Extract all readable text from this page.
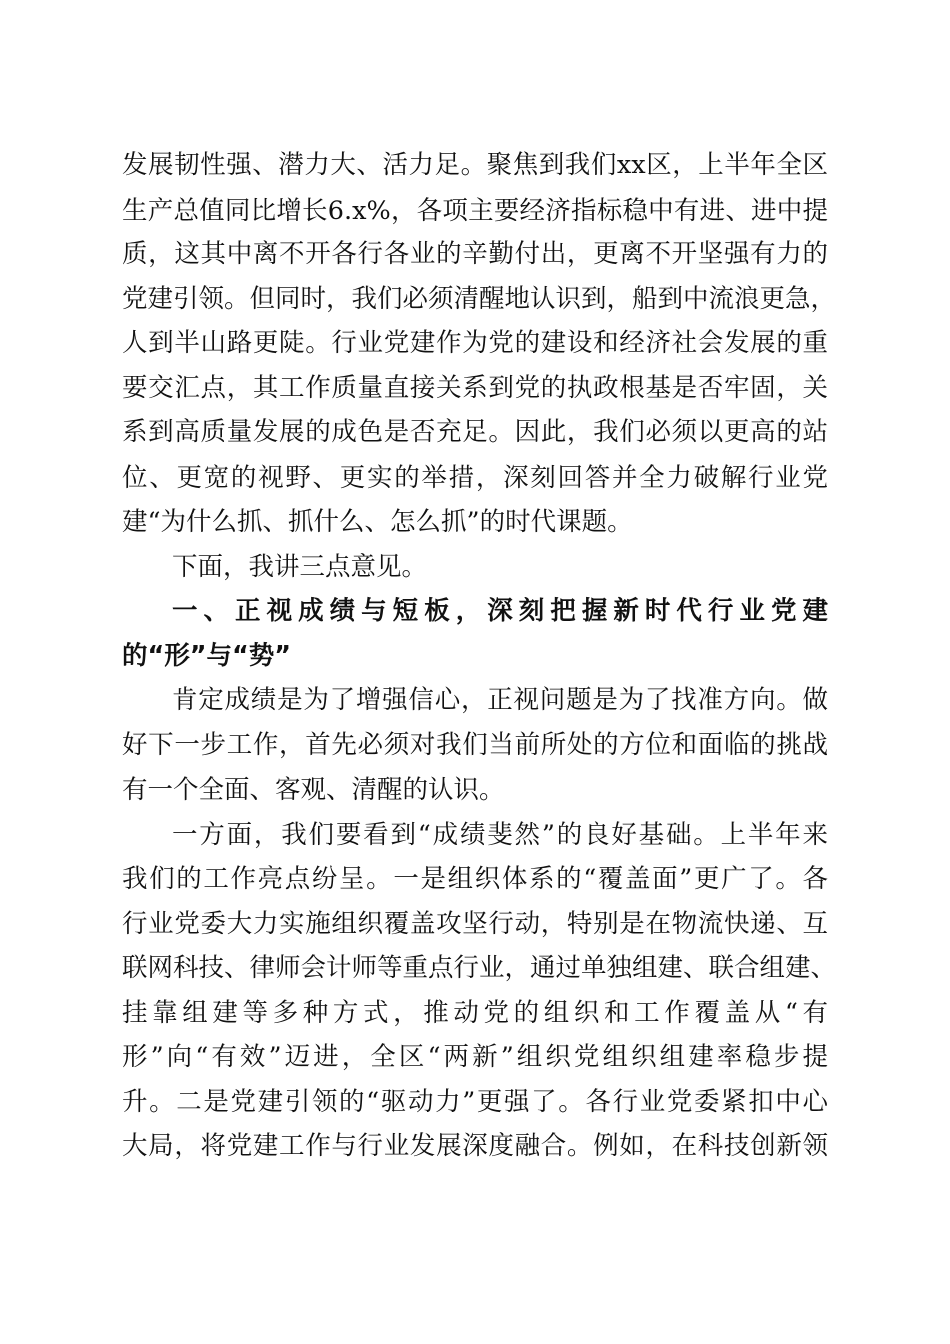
发展韧性强、潜力大、活力足。聚焦到我们xx区，上半年全区
生产总值同比增长6.x%，各项主要经济指标稳中有进、进中提
质，这其中离不开各行各业的辛勤付出，更离不开坚强有力的
党建引领。但同时，我们必须清醒地认识到，船到中流浪更急，
人到半山路更陡。行业党建作为党的建设和经济社会发展的重
要交汇点，其工作质量直接关系到党的执政根基是否牢固，关
系到高质量发展的成色是否充足。因此，我们必须以更高的站
位、更宽的视野、更实的举措，深刻回答并全力破解行业党
建“为什么抓、抓什么、怎么抓”的时代课题。
下面，我讲三点意见。
一、正视成绩与短板，深刻把握新时代行业党建
的“形”与“势”
肯定成绩是为了增强信心，正视问题是为了找准方向。做
好下一步工作，首先必须对我们当前所处的方位和面临的挑战
有一个全面、客观、清醒的认识。
一方面，我们要看到“成绩斐然”的良好基础。上半年来
我们的工作亮点纷呈。一是组织体系的“覆盖面”更广了。各
行业党委大力实施组织覆盖攻坚行动，特别是在物流快递、互
联网科技、律师会计师等重点行业，通过单独组建、联合组建、
挂靠组建等多种方式，推动党的组织和工作覆盖从“有
形”向“有效”迈进，全区“两新”组织党组织组建率稳步提
升。二是党建引领的“驱动力”更强了。各行业党委紧扣中心
大局，将党建工作与行业发展深度融合。例如，在科技创新领
